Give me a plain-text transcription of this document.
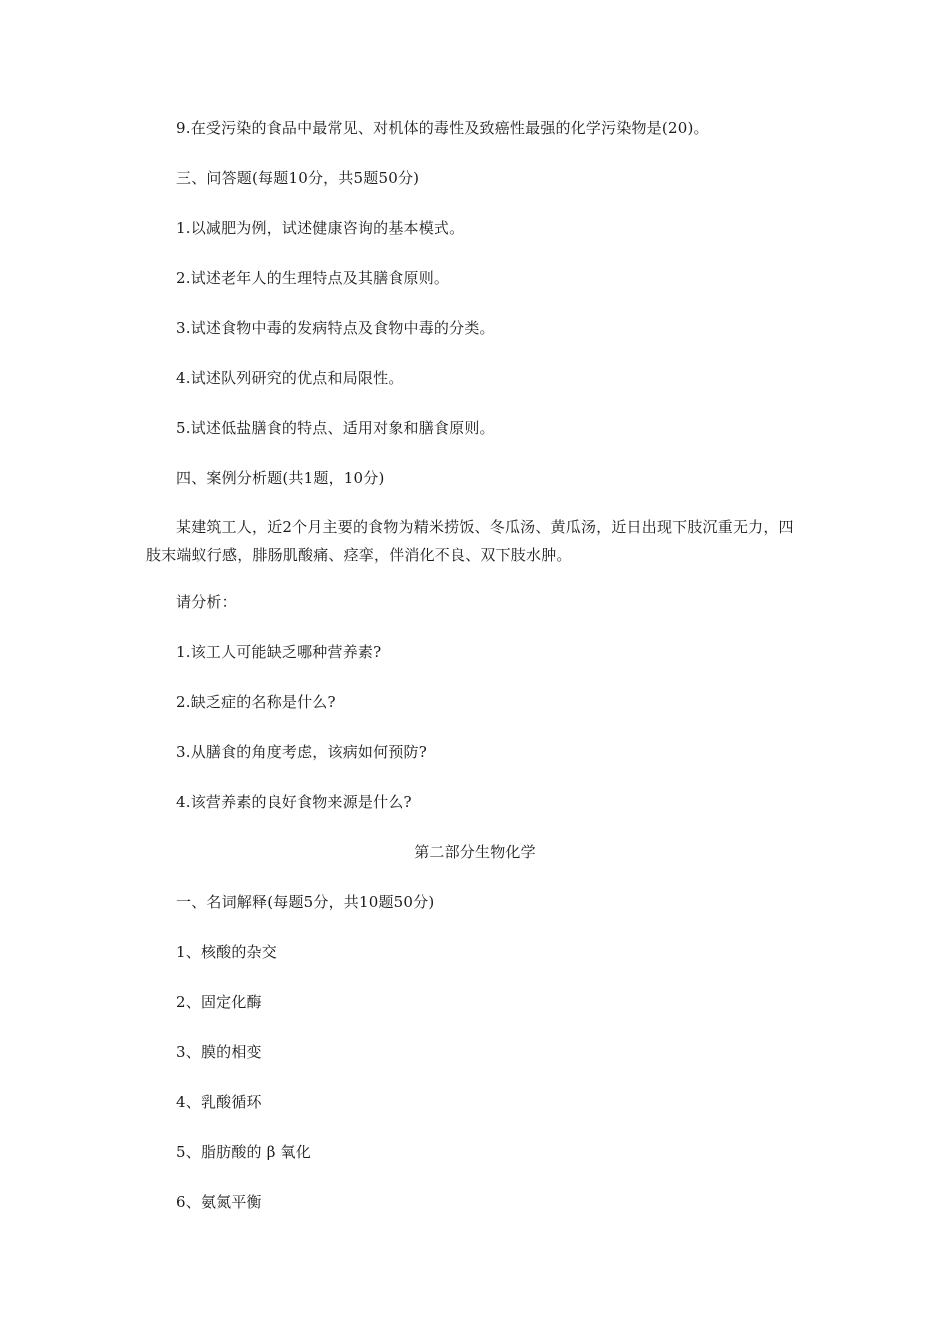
9.在受污染的食品中最常见、对机体的毒性及致癌性最强的化学污染物是(20)。
三、问答题(每题10分，共5题50分)
1.以减肥为例，试述健康咨询的基本模式。
2.试述老年人的生理特点及其膳食原则。
3.试述食物中毒的发病特点及食物中毒的分类。
4.试述队列研究的优点和局限性。
5.试述低盐膳食的特点、适用对象和膳食原则。
四、案例分析题(共1题，10分)
某建筑工人，近2个月主要的食物为精米捞饭、冬瓜汤、黄瓜汤，近日出现下肢沉重无力，四肢末端蚁行感，腓肠肌酸痛、痉挛，伴消化不良、双下肢水肿。
请分析：
1.该工人可能缺乏哪种营养素?
2.缺乏症的名称是什么?
3.从膳食的角度考虑，该病如何预防?
4.该营养素的良好食物来源是什么?
第二部分生物化学
一、名词解释(每题5分，共10题50分)
1、核酸的杂交
2、固定化酶
3、膜的相变
4、乳酸循环
5、脂肪酸的 β 氧化
6、氨氮平衡
